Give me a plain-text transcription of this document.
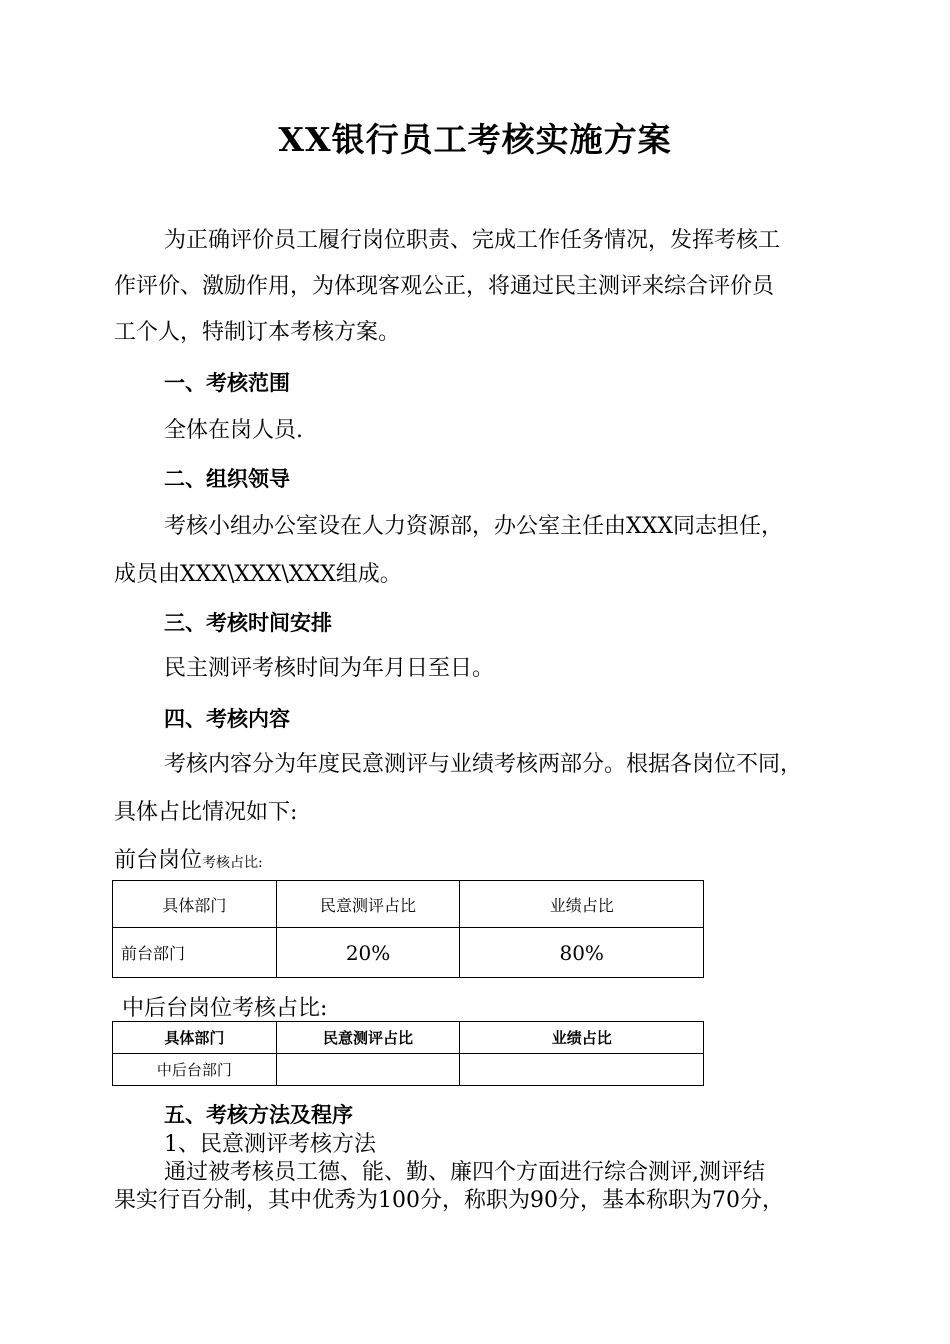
XX银行员工考核实施方案
为正确评价员工履行岗位职责、完成工作任务情况，发挥考核工
作评价、激励作用，为体现客观公正，将通过民主测评来综合评价员
工个人，特制订本考核方案。
一、考核范围
全体在岗人员.
二、组织领导
考核小组办公室设在人力资源部，办公室主任由XXX同志担任，
成员由XXX\XXX\XXX组成。
三、考核时间安排
民主测评考核时间为年月日至日。
四、考核内容
考核内容分为年度民意测评与业绩考核两部分。根据各岗位不同，
具体占比情况如下:
前台岗位考核占比:
具体部门	民意测评占比	业绩占比
前台部门	20%	80%
中后台岗位考核占比:
具体部门	民意测评占比	业绩占比
中后台部门		
五、考核方法及程序
1、民意测评考核方法
通过被考核员工德、能、勤、廉四个方面进行综合测评,测评结
果实行百分制，其中优秀为100分，称职为90分，基本称职为70分，
